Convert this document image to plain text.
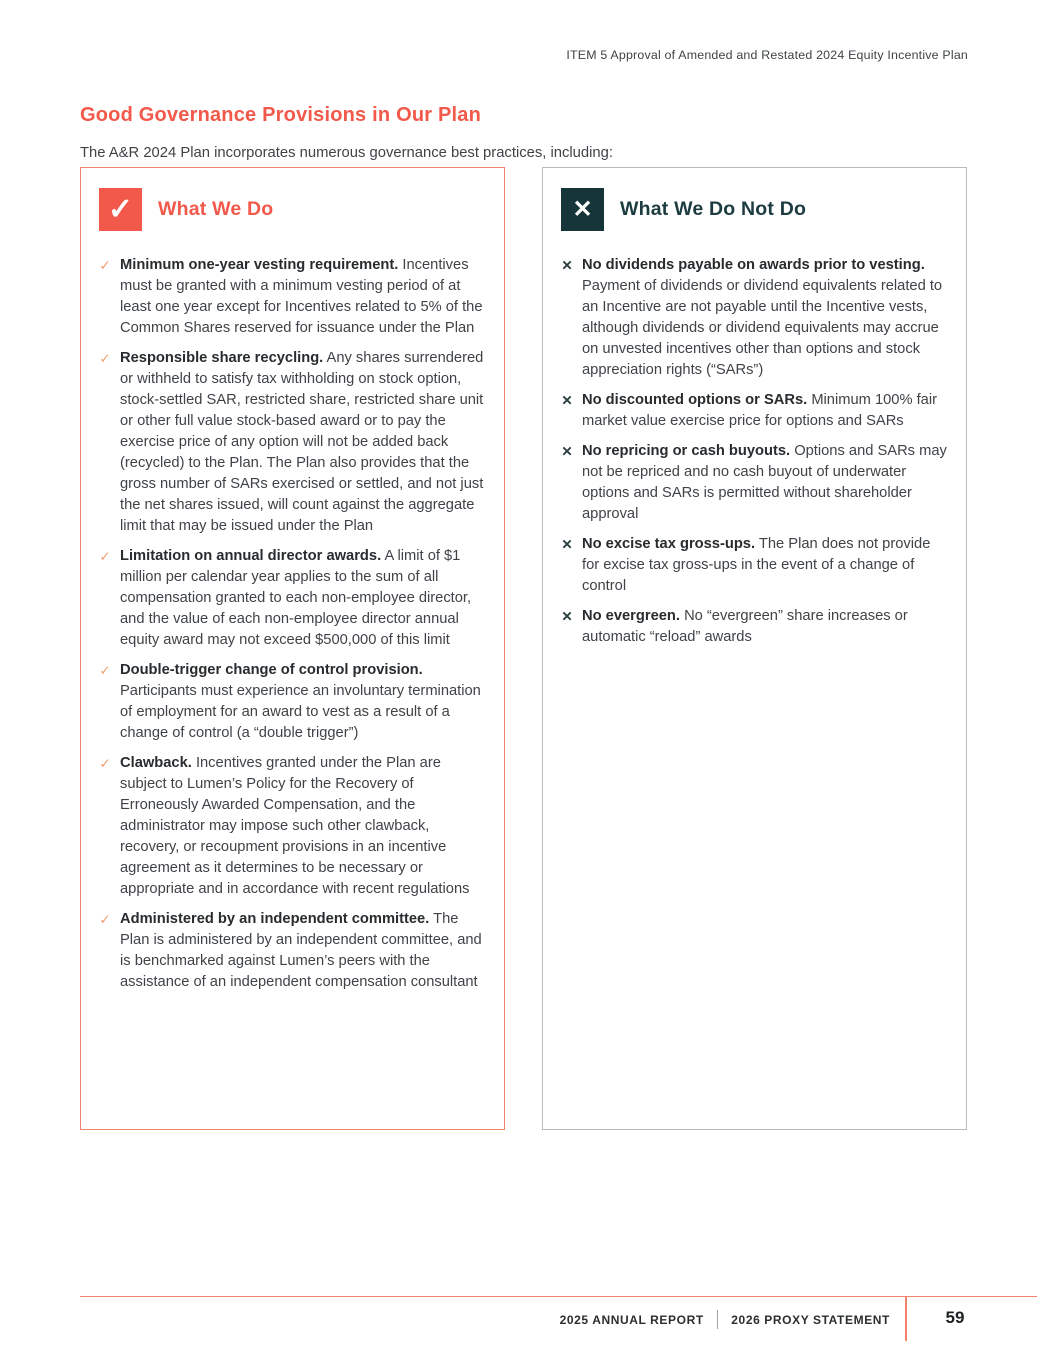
ITEM 5 Approval of Amended and Restated 2024 Equity Incentive Plan
Good Governance Provisions in Our Plan

The A&R 2024 Plan incorporates numerous governance best practices, including:

✓	What We Do
✓ Minimum one-year vesting requirement. Incentives must be granted with a minimum vesting period of at least one year except for Incentives related to 5% of the Common Shares reserved for issuance under the Plan

✓ Responsible share recycling. Any shares surrendered or withheld to satisfy tax withholding on stock option, stock-settled SAR, restricted share, restricted share unit or other full value stock-based award or to pay the exercise price of any option will not be added back (recycled) to the Plan. The Plan also provides that the gross number of SARs exercised or settled, and not just the net shares issued, will count against the aggregate limit that may be issued under the Plan

✓ Limitation on annual director awards. A limit of $1 million per calendar year applies to the sum of all compensation granted to each non-employee director, and the value of each non-employee director annual equity award may not exceed $500,000 of this limit

✓ Double-trigger change of control provision. Participants must experience an involuntary termination of employment for an award to vest as a result of a change of control (a “double trigger”)

✓ Clawback. Incentives granted under the Plan are subject to Lumen’s Policy for the Recovery of Erroneously Awarded Compensation, and the administrator may impose such other clawback, recovery, or recoupment provisions in an incentive agreement as it determines to be necessary or appropriate and in accordance with recent regulations

✓ Administered by an independent committee. The Plan is administered by an independent committee, and is benchmarked against Lumen’s peers with the assistance of an independent compensation consultant

✕	What We Do Not Do
✕ No dividends payable on awards prior to vesting. Payment of dividends or dividend equivalents related to an Incentive are not payable until the Incentive vests, although dividends or dividend equivalents may accrue on unvested incentives other than options and stock appreciation rights (“SARs”)

✕ No discounted options or SARs. Minimum 100% fair market value exercise price for options and SARs

✕ No repricing or cash buyouts. Options and SARs may not be repriced and no cash buyout of underwater options and SARs is permitted without shareholder approval

✕ No excise tax gross-ups. The Plan does not provide for excise tax gross-ups in the event of a change of control

✕ No evergreen. No “evergreen” share increases or automatic “reload” awards

2025 ANNUAL REPORT 2026 PROXY STATEMENT	59
